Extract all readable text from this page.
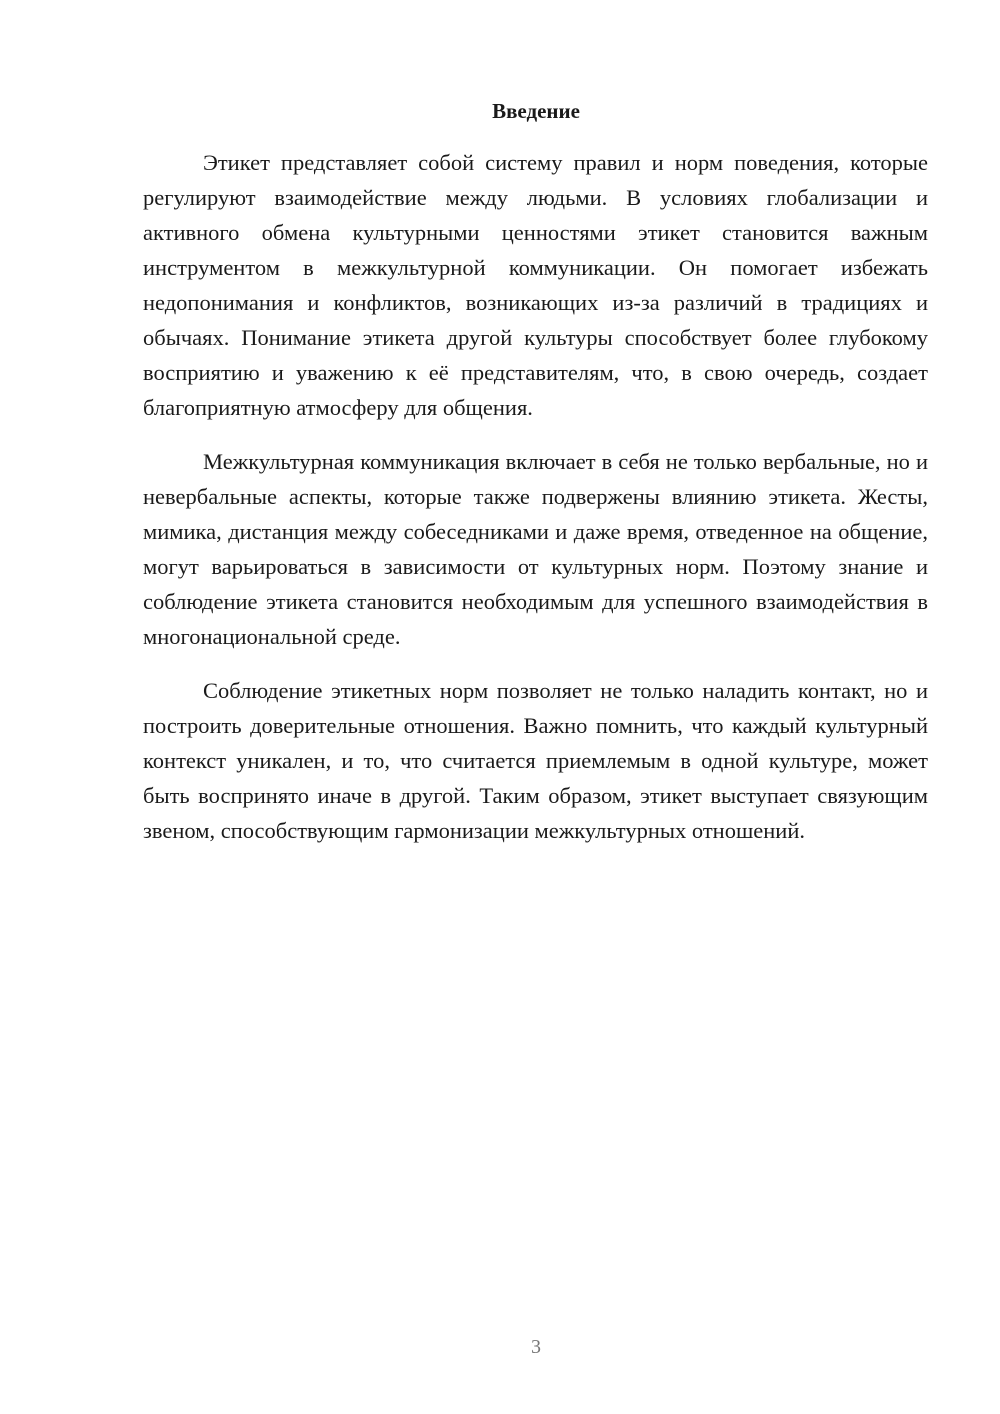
Введение

Этикет представляет собой систему правил и норм поведения, которые регулируют взаимодействие между людьми. В условиях глобализации и активного обмена культурными ценностями этикет становится важным инструментом в межкультурной коммуникации. Он помогает избежать недопонимания и конфликтов, возникающих из-за различий в традициях и обычаях. Понимание этикета другой культуры способствует более глубокому восприятию и уважению к её представителям, что, в свою очередь, создает благоприятную атмосферу для общения.

Межкультурная коммуникация включает в себя не только вербальные, но и невербальные аспекты, которые также подвержены влиянию этикета. Жесты, мимика, дистанция между собеседниками и даже время, отведенное на общение, могут варьироваться в зависимости от культурных норм. Поэтому знание и соблюдение этикета становится необходимым для успешного взаимодействия в многонациональной среде.

Соблюдение этикетных норм позволяет не только наладить контакт, но и построить доверительные отношения. Важно помнить, что каждый культурный контекст уникален, и то, что считается приемлемым в одной культуре, может быть воспринято иначе в другой. Таким образом, этикет выступает связующим звеном, способствующим гармонизации межкультурных отношений.

3
